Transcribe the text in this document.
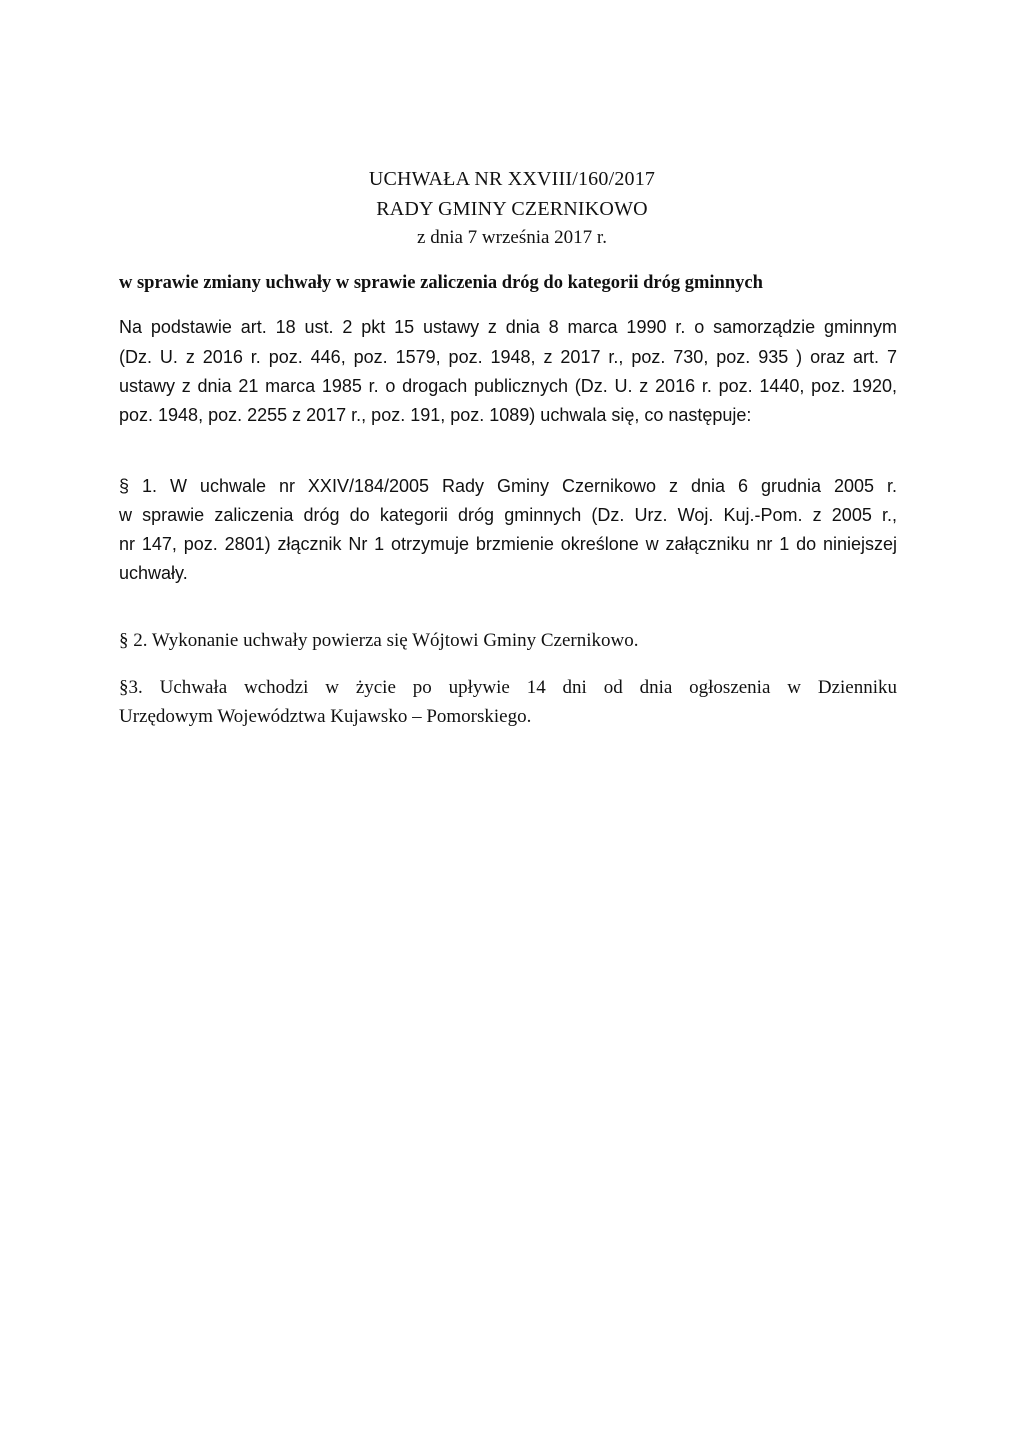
UCHWAŁA NR XXVIII/160/2017
RADY GMINY CZERNIKOWO
z dnia 7 września 2017 r.
w sprawie zmiany uchwały w sprawie zaliczenia dróg do kategorii dróg gminnych
Na podstawie art. 18 ust. 2 pkt 15 ustawy z dnia 8 marca 1990 r. o samorządzie gminnym
(Dz. U. z 2016 r. poz. 446, poz. 1579, poz. 1948, z 2017 r., poz. 730, poz. 935 ) oraz art. 7
ustawy z dnia 21 marca 1985 r. o drogach publicznych (Dz. U. z 2016 r. poz. 1440, poz. 1920,
poz. 1948, poz. 2255 z 2017 r., poz. 191, poz. 1089) uchwala się, co następuje:
§ 1. W uchwale nr XXIV/184/2005 Rady Gminy Czernikowo z dnia 6 grudnia 2005 r.
w sprawie zaliczenia dróg do kategorii dróg gminnych (Dz. Urz. Woj. Kuj.-Pom. z 2005 r.,
nr 147, poz. 2801) złącznik Nr 1 otrzymuje brzmienie określone w załączniku nr 1 do niniejszej
uchwały.
§ 2. Wykonanie uchwały powierza się Wójtowi Gminy Czernikowo.
§3. Uchwała wchodzi w życie po upływie 14 dni od dnia ogłoszenia w Dzienniku
Urzędowym Województwa Kujawsko – Pomorskiego.
